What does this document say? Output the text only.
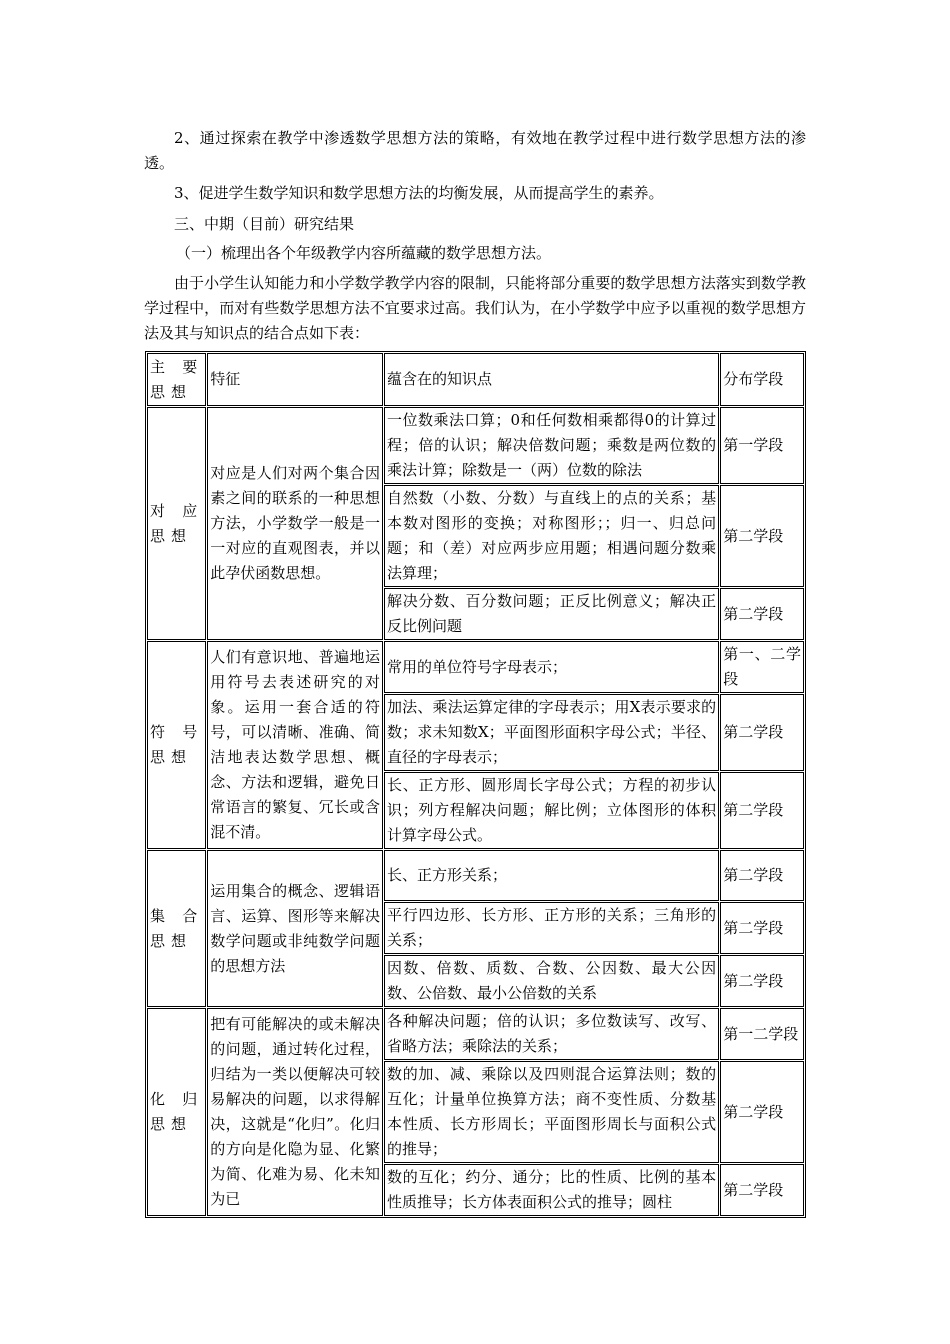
2、通过探索在教学中渗透数学思想方法的策略，有效地在教学过程中进行数学思想方法的渗透。

3、促进学生数学知识和数学思想方法的均衡发展，从而提高学生的素养。

三、中期（目前）研究结果

（一）梳理出各个年级教学内容所蕴藏的数学思想方法。

由于小学生认知能力和小学数学教学内容的限制，只能将部分重要的数学思想方法落实到数学教学过程中，而对有些数学思想方法不宜要求过高。我们认为，在小学数学中应予以重视的数学思想方法及其与知识点的结合点如下表：

主要思想	特征	蕴含在的知识点	分布学段
对应思想	对应是人们对两个集合因素之间的联系的一种思想方法，小学数学一般是一一对应的直观图表，并以此孕伏函数思想。	一位数乘法口算；0和任何数相乘都得0的计算过程；倍的认识；解决倍数问题；乘数是两位数的乘法计算；除数是一（两）位数的除法	第一学段
		自然数（小数、分数）与直线上的点的关系；基本数对图形的变换；对称图形；；归一、归总问题；和（差）对应两步应用题；相遇问题分数乘法算理；	第二学段
		解决分数、百分数问题；正反比例意义；解决正反比例问题	第二学段
符号思想	人们有意识地、普遍地运用符号去表述研究的对象。运用一套合适的符号，可以清晰、准确、简洁地表达数学思想、概念、方法和逻辑，避免日常语言的繁复、冗长或含混不清。	常用的单位符号字母表示；	第一、二学段
		加法、乘法运算定律的字母表示；用X表示要求的数；求未知数X；平面图形面积字母公式；半径、直径的字母表示；	第二学段
		长、正方形、圆形周长字母公式；方程的初步认识；列方程解决问题；解比例；立体图形的体积计算字母公式。	第二学段
集合思想	运用集合的概念、逻辑语言、运算、图形等来解决数学问题或非纯数学问题的思想方法	长、正方形关系；	第二学段
		平行四边形、长方形、正方形的关系；三角形的关系；	第二学段
		因数、倍数、质数、合数、公因数、最大公因数、公倍数、最小公倍数的关系	第二学段
化归思想	把有可能解决的或未解决的问题，通过转化过程，归结为一类以便解决可较易解决的问题，以求得解决，这就是“化归”。化归的方向是化隐为显、化繁为简、化难为易、化未知为已	各种解决问题；倍的认识；多位数读写、改写、省略方法；乘除法的关系；	第一二学段
		数的加、减、乘除以及四则混合运算法则；数的互化；计量单位换算方法；商不变性质、分数基本性质、长方形周长；平面图形周长与面积公式的推导；	第二学段
		数的互化；约分、通分；比的性质、比例的基本性质推导；长方体表面积公式的推导；圆柱	第二学段
